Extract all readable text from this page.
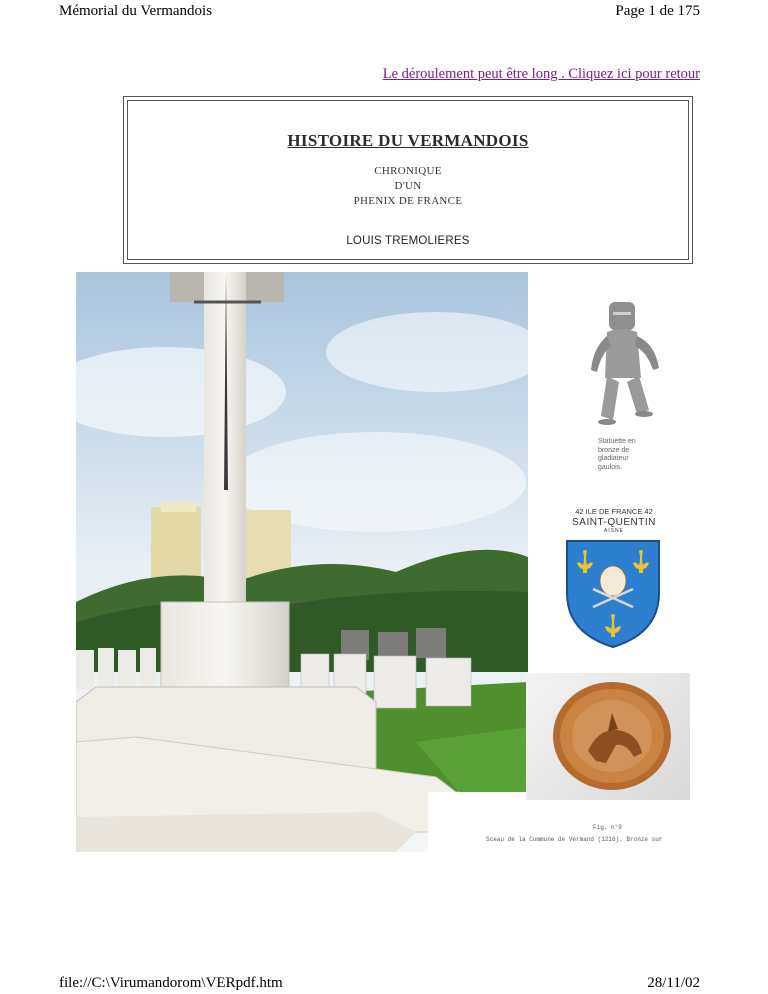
Mémorial du Vermandois	Page 1 de 175
Le déroulement peut être long . Cliquez ici pour retour
HISTOIRE DU VERMANDOIS
CHRONIQUE
D'UN
PHENIX DE FRANCE
LOUIS TREMOLIERES
Statuette en
bronze de
gladiateur
gaulois.
42 ILE DE FRANCE 42
SAINT-QUENTIN
AISNE
Fig. n°9
Sceau de la Commune de Vermand (1216). Bronze sur
file://C:\Virumandorom\VERpdf.htm	28/11/02
